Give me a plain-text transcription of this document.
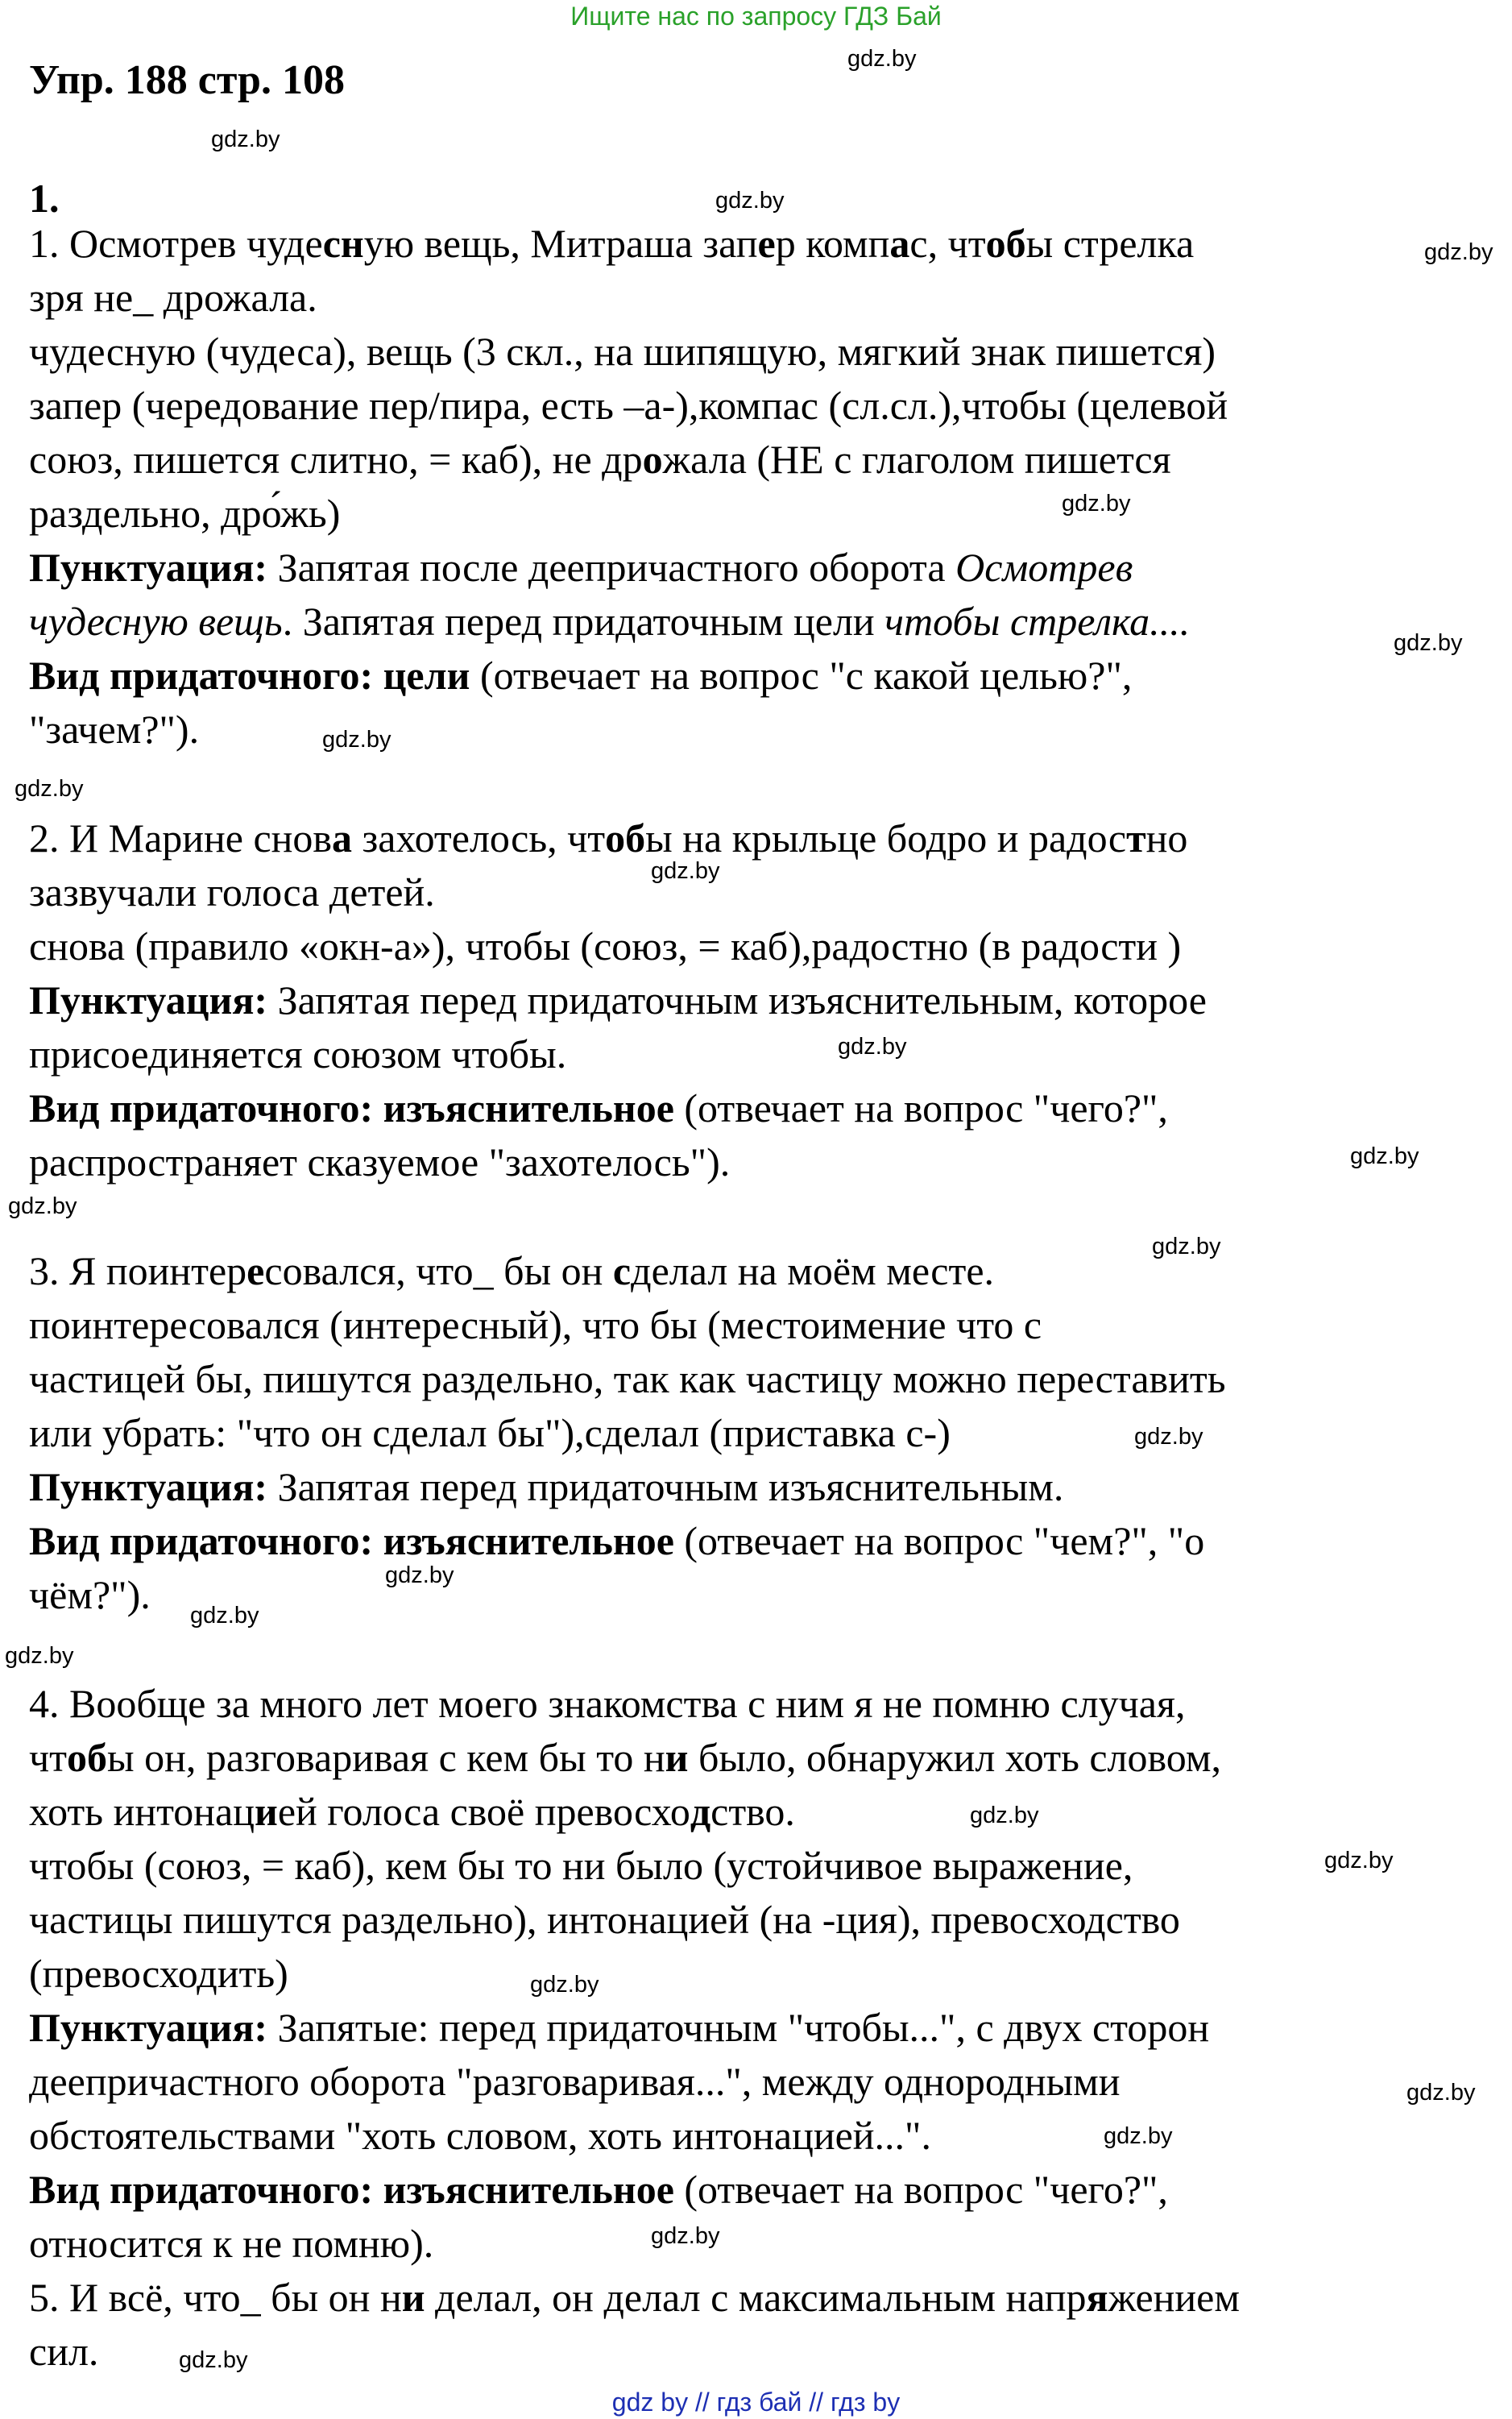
Ищите нас по запросу ГДЗ Бай
Упр. 188 стр. 108
1.
1. Осмотрев чудесную вещь, Митраша запер компас, чтобы стрелка
зря не_ дрожала.
чудесную (чудеса), вещь (3 скл., на шипящую, мягкий знак пишется)
запер (чередование пер/пира, есть –а-),компас (сл.сл.),чтобы (целевой
союз, пишется слитно, = каб), не дрожала (НЕ с глаголом пишется
раздельно, дро́жь)
Пунктуация: Запятая после деепричастного оборота Осмотрев
чудесную вещь. Запятая перед придаточным цели чтобы стрелка....
Вид придаточного: цели (отвечает на вопрос "с какой целью?",
"зачем?").
2. И Марине снова захотелось, чтобы на крыльце бодро и радостно
зазвучали голоса детей.
снова (правило «окн-а»), чтобы (союз, = каб),радостно (в радости )
Пунктуация: Запятая перед придаточным изъяснительным, которое
присоединяется союзом чтобы.
Вид придаточного: изъяснительное (отвечает на вопрос "чего?",
распространяет сказуемое "захотелось").
3. Я поинтересовался, что_ бы он сделал на моём месте.
поинтересовался (интересный), что бы (местоимение что с
частицей бы, пишутся раздельно, так как частицу можно переставить
или убрать: "что он сделал бы"),сделал (приставка с-)
Пунктуация: Запятая перед придаточным изъяснительным.
Вид придаточного: изъяснительное (отвечает на вопрос "чем?", "о
чём?").
4. Вообще за много лет моего знакомства с ним я не помню случая,
чтобы он, разговаривая с кем бы то ни было, обнаружил хоть словом,
хоть интонацией голоса своё превосходство.
чтобы (союз, = каб), кем бы то ни было (устойчивое выражение,
частицы пишутся раздельно), интонацией (на -ция), превосходство
(превосходить)
Пунктуация: Запятые: перед придаточным "чтобы...", с двух сторон
деепричастного оборота "разговаривая...", между однородными
обстоятельствами "хоть словом, хоть интонацией...".
Вид придаточного: изъяснительное (отвечает на вопрос "чего?",
относится к не помню).
5. И всё, что_ бы он ни делал, он делал с максимальным напряжением
сил.
gdz.by
gdz.by
gdz.by
gdz.by
gdz.by
gdz.by
gdz.by
gdz.by
gdz.by
gdz.by
gdz.by
gdz.by
gdz.by
gdz.by
gdz.by
gdz.by
gdz.by
gdz.by
gdz.by
gdz.by
gdz.by
gdz.by
gdz.by
gdz.by
gdz by // гдз бай // гдз by
